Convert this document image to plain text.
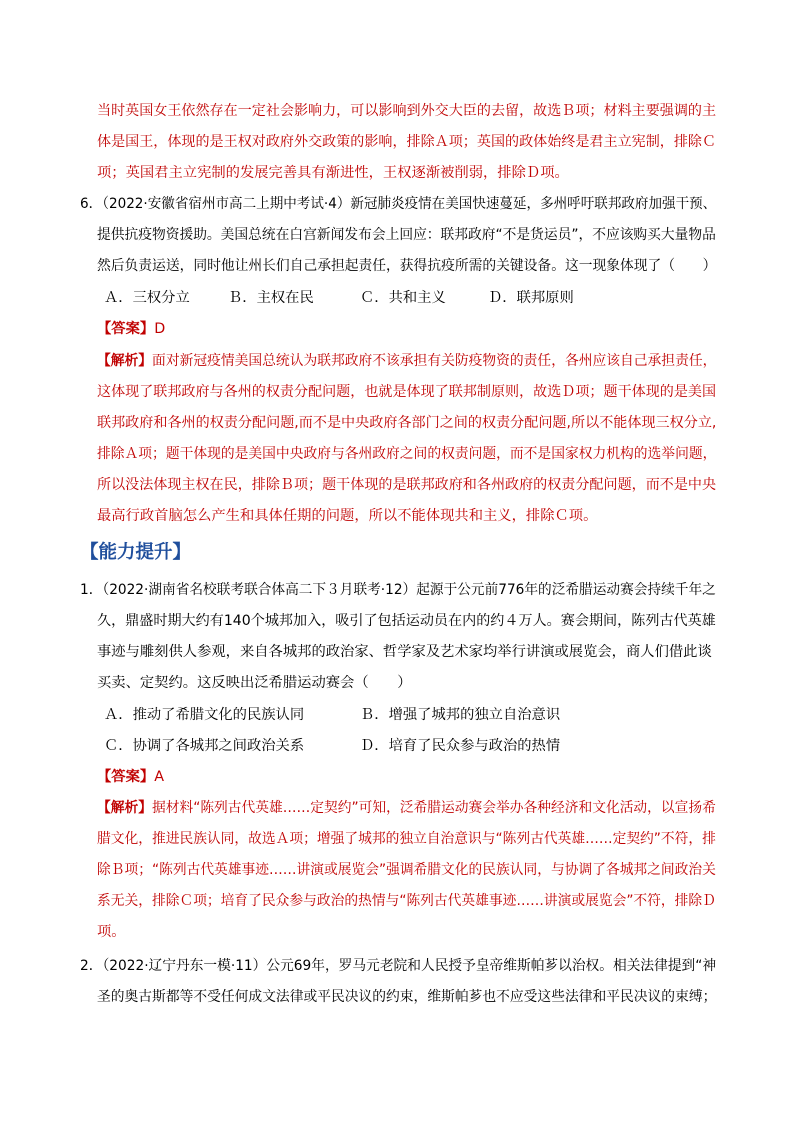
当时英国女王依然存在一定社会影响力，可以影响到外交大臣的去留，故选Ｂ项；材料主要强调的主
体是国王，体现的是王权对政府外交政策的影响，排除Ａ项；英国的政体始终是君主立宪制，排除Ｃ
项；英国君主立宪制的发展完善具有渐进性，王权逐渐被削弱，排除Ｄ项。
6．（2022·安徽省宿州市高二上期中考试·4）新冠肺炎疫情在美国快速蔓延，多州呼吁联邦政府加强干预、
提供抗疫物资援助。美国总统在白宫新闻发布会上回应：联邦政府“不是货运员”，不应该购买大量物品
然后负责运送，同时他让州长们自己承担起责任，获得抗疫所需的关键设备。这一现象体现了（　　）
Ａ．三权分立	Ｂ．主权在民	Ｃ．共和主义	Ｄ．联邦原则
【答案】D
【解析】面对新冠疫情美国总统认为联邦政府不该承担有关防疫物资的责任，各州应该自己承担责任，
这体现了联邦政府与各州的权责分配问题，也就是体现了联邦制原则，故选Ｄ项；题干体现的是美国
联邦政府和各州的权责分配问题,而不是中央政府各部门之间的权责分配问题,所以不能体现三权分立,
排除Ａ项；题干体现的是美国中央政府与各州政府之间的权责问题，而不是国家权力机构的选举问题，
所以没法体现主权在民，排除Ｂ项；题干体现的是联邦政府和各州政府的权责分配问题，而不是中央
最高行政首脑怎么产生和具体任期的问题，所以不能体现共和主义，排除Ｃ项。
【能力提升】
1．（2022·湖南省名校联考联合体高二下３月联考·12）起源于公元前776年的泛希腊运动赛会持续千年之
久，鼎盛时期大约有140个城邦加入，吸引了包括运动员在内的约４万人。赛会期间，陈列古代英雄
事迹与雕刻供人参观，来自各城邦的政治家、哲学家及艺术家均举行讲演或展览会，商人们借此谈
买卖、定契约。这反映出泛希腊运动赛会（　　）
Ａ．推动了希腊文化的民族认同	Ｂ．增强了城邦的独立自治意识
Ｃ．协调了各城邦之间政治关系	Ｄ．培育了民众参与政治的热情
【答案】A
【解析】据材料“陈列古代英雄……定契约”可知，泛希腊运动赛会举办各种经济和文化活动，以宣扬希
腊文化，推进民族认同，故选Ａ项；增强了城邦的独立自治意识与“陈列古代英雄……定契约”不符，排
除Ｂ项；“陈列古代英雄事迹……讲演或展览会”强调希腊文化的民族认同，与协调了各城邦之间政治关
系无关，排除Ｃ项；培育了民众参与政治的热情与“陈列古代英雄事迹……讲演或展览会”不符，排除Ｄ
项。
2．（2022·辽宁丹东一模·11）公元69年，罗马元老院和人民授予皇帝维斯帕芗以治权。相关法律提到“神
圣的奥古斯都等不受任何成文法律或平民决议的约束，维斯帕芗也不应受这些法律和平民决议的束缚；
